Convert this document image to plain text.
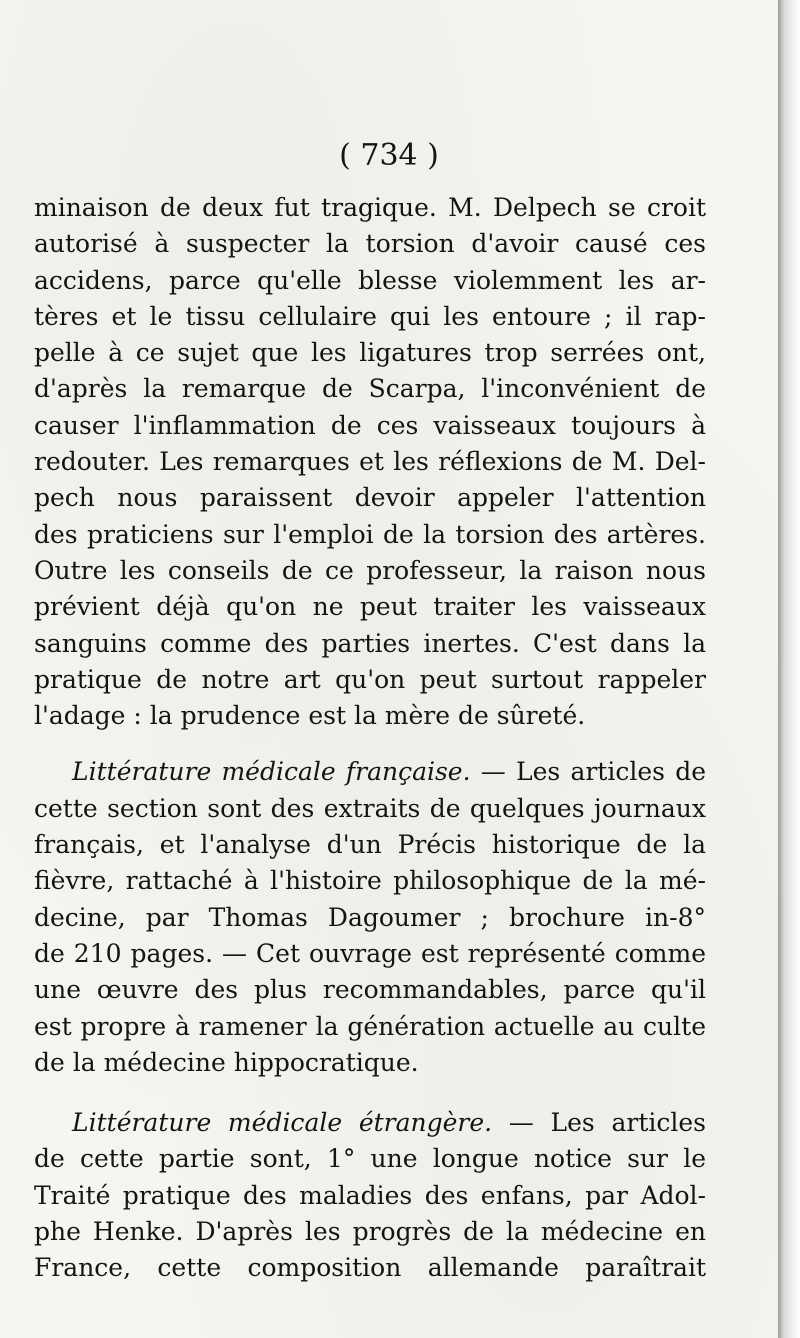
( 734 )
minaison de deux fut tragique. M. Delpech se croit
autorisé à suspecter la torsion d'avoir causé ces
accidens, parce qu'elle blesse violemment les ar-
tères et le tissu cellulaire qui les entoure ; il rap-
pelle à ce sujet que les ligatures trop serrées ont,
d'après la remarque de Scarpa, l'inconvénient de
causer l'inflammation de ces vaisseaux toujours à
redouter. Les remarques et les réflexions de M. Del-
pech nous paraissent devoir appeler l'attention
des praticiens sur l'emploi de la torsion des artères.
Outre les conseils de ce professeur, la raison nous
prévient déjà qu'on ne peut traiter les vaisseaux
sanguins comme des parties inertes. C'est dans la
pratique de notre art qu'on peut surtout rappeler
l'adage : la prudence est la mère de sûreté.
Littérature médicale française. — Les articles de
cette section sont des extraits de quelques journaux
français, et l'analyse d'un Précis historique de la
fièvre, rattaché à l'histoire philosophique de la mé-
decine, par Thomas Dagoumer ; brochure in-8°
de 210 pages. — Cet ouvrage est représenté comme
une œuvre des plus recommandables, parce qu'il
est propre à ramener la génération actuelle au culte
de la médecine hippocratique.
Littérature médicale étrangère. — Les articles
de cette partie sont, 1° une longue notice sur le
Traité pratique des maladies des enfans, par Adol-
phe Henke. D'après les progrès de la médecine en
France, cette composition allemande paraîtrait
